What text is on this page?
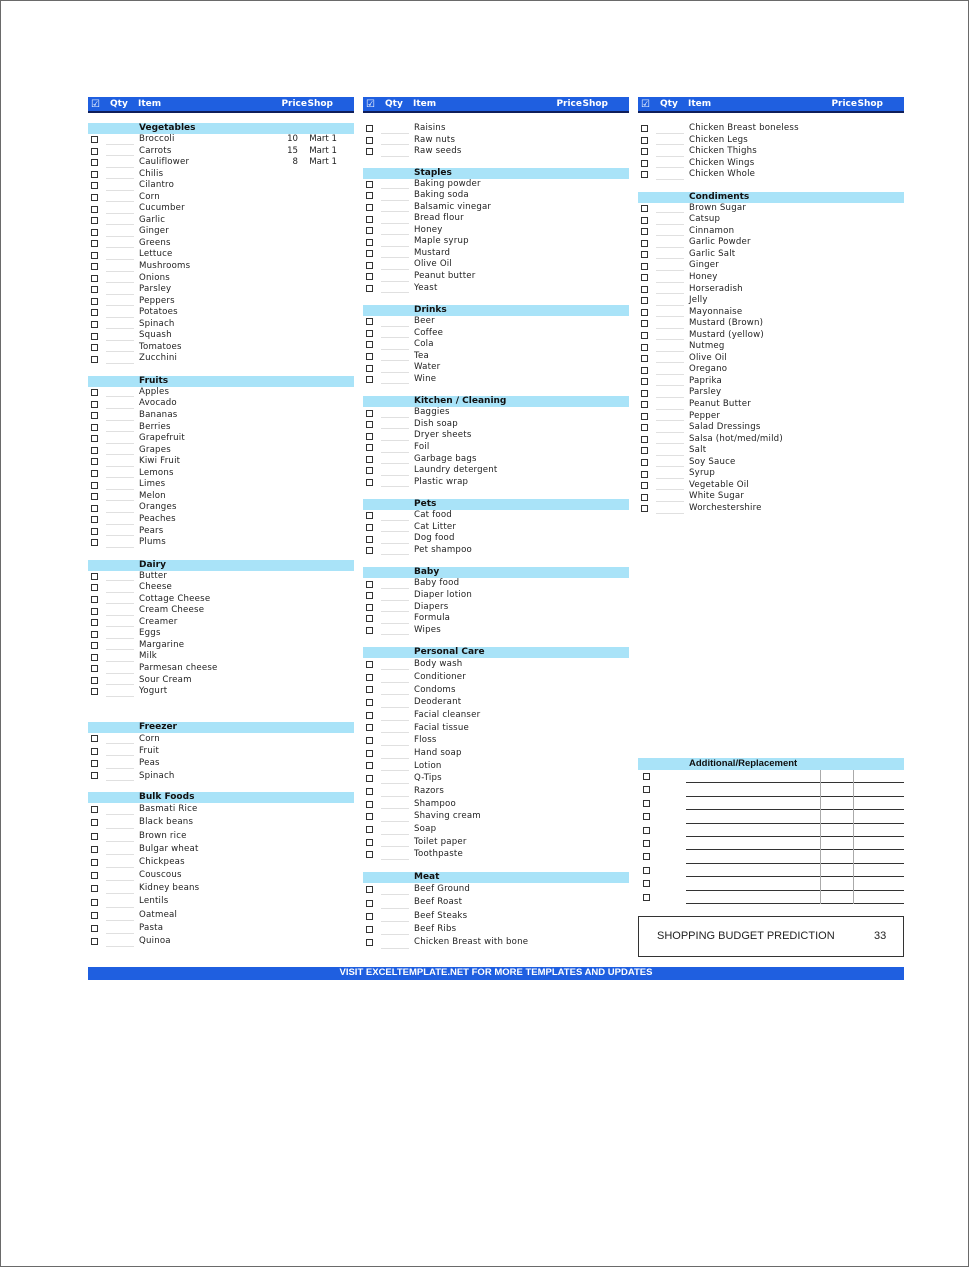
☑ Qty Item	Price Shop
Vegetables
Broccoli	10 Mart 1
Carrots	15 Mart 1
Cauliflower	8 Mart 1
Chilis
Cilantro
Corn
Cucumber
Garlic
Ginger
Greens
Lettuce
Mushrooms
Onions
Parsley
Peppers
Potatoes
Spinach
Squash
Tomatoes
Zucchini
Fruits
Apples
Avocado
Bananas
Berries
Grapefruit
Grapes
Kiwi Fruit
Lemons
Limes
Melon
Oranges
Peaches
Pears
Plums
Dairy
Butter
Cheese
Cottage Cheese
Cream Cheese
Creamer
Eggs
Margarine
Milk
Parmesan cheese
Sour Cream
Yogurt
Freezer
Corn
Fruit
Peas
Spinach
Bulk Foods
Basmati Rice
Black beans
Brown rice
Bulgar wheat
Chickpeas
Couscous
Kidney beans
Lentils
Oatmeal
Pasta
Quinoa
☑ Qty Item	Price Shop
Raisins
Raw nuts
Raw seeds
Staples
Baking powder
Baking soda
Balsamic vinegar
Bread flour
Honey
Maple syrup
Mustard
Olive Oil
Peanut butter
Yeast
Drinks
Beer
Coffee
Cola
Tea
Water
Wine
Kitchen / Cleaning
Baggies
Dish soap
Dryer sheets
Foil
Garbage bags
Laundry detergent
Plastic wrap
Pets
Cat food
Cat Litter
Dog food
Pet shampoo
Baby
Baby food
Diaper lotion
Diapers
Formula
Wipes
Personal Care
Body wash
Conditioner
Condoms
Deoderant
Facial cleanser
Facial tissue
Floss
Hand soap
Lotion
Q-Tips
Razors
Shampoo
Shaving cream
Soap
Toilet paper
Toothpaste
Meat
Beef Ground
Beef Roast
Beef Steaks
Beef Ribs
Chicken Breast with bone
☑ Qty Item	Price Shop
Chicken Breast boneless
Chicken Legs
Chicken Thighs
Chicken Wings
Chicken Whole
Condiments
Brown Sugar
Catsup
Cinnamon
Garlic Powder
Garlic Salt
Ginger
Honey
Horseradish
Jelly
Mayonnaise
Mustard (Brown)
Mustard (yellow)
Nutmeg
Olive Oil
Oregano
Paprika
Parsley
Peanut Butter
Pepper
Salad Dressings
Salsa (hot/med/mild)
Salt
Soy Sauce
Syrup
Vegetable Oil
White Sugar
Worchestershire
Additional/Replacement
SHOPPING BUDGET PREDICTION	33
VISIT EXCELTEMPLATE.NET FOR MORE TEMPLATES AND UPDATES
